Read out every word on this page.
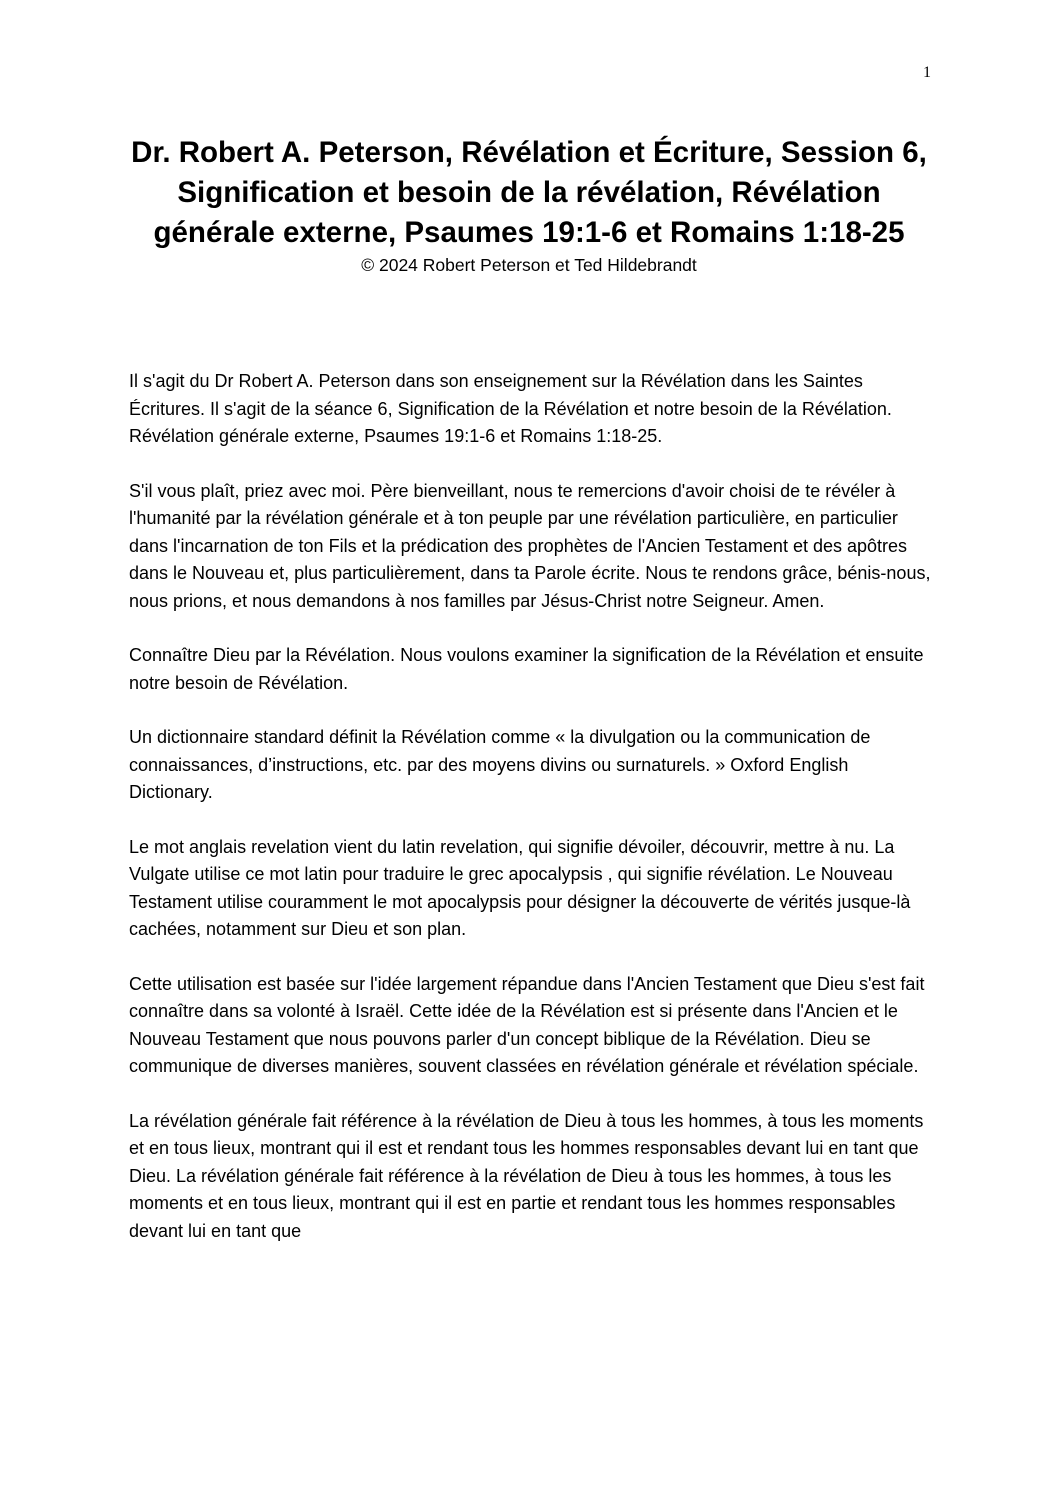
1
Dr. Robert A. Peterson, Révélation et Écriture, Session 6, Signification et besoin de la révélation, Révélation générale externe, Psaumes 19:1-6 et Romains 1:18-25

© 2024 Robert Peterson et Ted Hildebrandt

Il s'agit du Dr Robert A. Peterson dans son enseignement sur la Révélation dans les Saintes Écritures. Il s'agit de la séance 6, Signification de la Révélation et notre besoin de la Révélation. Révélation générale externe, Psaumes 19:1-6 et Romains 1:18-25.

S'il vous plaît, priez avec moi. Père bienveillant, nous te remercions d'avoir choisi de te révéler à l'humanité par la révélation générale et à ton peuple par une révélation particulière, en particulier dans l'incarnation de ton Fils et la prédication des prophètes de l'Ancien Testament et des apôtres dans le Nouveau et, plus particulièrement, dans ta Parole écrite. Nous te rendons grâce, bénis-nous, nous prions, et nous demandons à nos familles par Jésus-Christ notre Seigneur. Amen.

Connaître Dieu par la Révélation. Nous voulons examiner la signification de la Révélation et ensuite notre besoin de Révélation.

Un dictionnaire standard définit la Révélation comme « la divulgation ou la communication de connaissances, d’instructions, etc. par des moyens divins ou surnaturels. » Oxford English Dictionary.

Le mot anglais revelation vient du latin revelation, qui signifie dévoiler, découvrir, mettre à nu. La Vulgate utilise ce mot latin pour traduire le grec apocalypsis , qui signifie révélation. Le Nouveau Testament utilise couramment le mot apocalypsis pour désigner la découverte de vérités jusque-là cachées, notamment sur Dieu et son plan.

Cette utilisation est basée sur l'idée largement répandue dans l'Ancien Testament que Dieu s'est fait connaître dans sa volonté à Israël. Cette idée de la Révélation est si présente dans l'Ancien et le Nouveau Testament que nous pouvons parler d'un concept biblique de la Révélation. Dieu se communique de diverses manières, souvent classées en révélation générale et révélation spéciale.

La révélation générale fait référence à la révélation de Dieu à tous les hommes, à tous les moments et en tous lieux, montrant qui il est et rendant tous les hommes responsables devant lui en tant que Dieu. La révélation générale fait référence à la révélation de Dieu à tous les hommes, à tous les moments et en tous lieux, montrant qui il est en partie et rendant tous les hommes responsables devant lui en tant que
